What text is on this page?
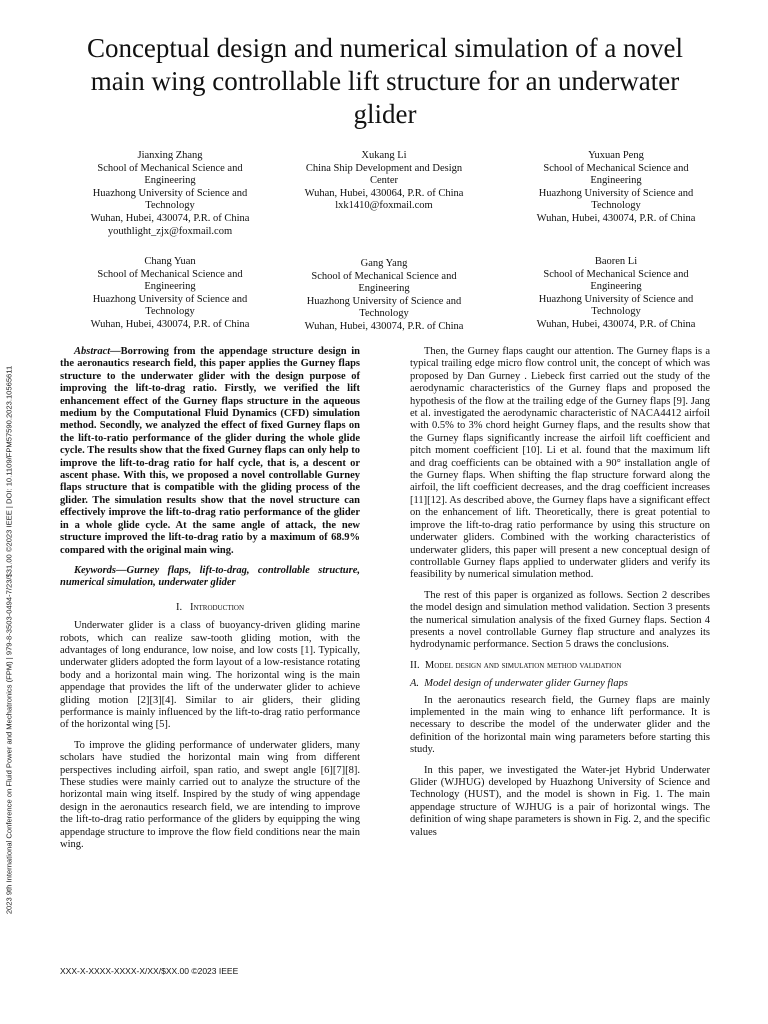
2023 9th International Conference on Fluid Power and Mechatronics (FPM) | 979-8-3503-0494-7/23/$31.00 ©2023 IEEE | DOI: 10.1109/FPM57590.2023.10565611
Conceptual design and numerical simulation of a novel main wing controllable lift structure for an underwater glider
Jianxing Zhang
School of Mechanical Science and
Engineering
Huazhong University of Science and
Technology
Wuhan, Hubei, 430074, P.R. of China
youthlight_zjx@foxmail.com
Xukang Li
China Ship Development and Design
Center
Wuhan, Hubei, 430064, P.R. of China
lxk1410@foxmail.com
Yuxuan Peng
School of Mechanical Science and
Engineering
Huazhong University of Science and
Technology
Wuhan, Hubei, 430074, P.R. of China
Chang Yuan
School of Mechanical Science and
Engineering
Huazhong University of Science and
Technology
Wuhan, Hubei, 430074, P.R. of China
Gang Yang
School of Mechanical Science and
Engineering
Huazhong University of Science and
Technology
Wuhan, Hubei, 430074, P.R. of China
Baoren Li
School of Mechanical Science and
Engineering
Huazhong University of Science and
Technology
Wuhan, Hubei, 430074, P.R. of China

Abstract—Borrowing from the appendage structure design in the aeronautics research field, this paper applies the Gurney flaps structure to the underwater glider with the design purpose of improving the lift-to-drag ratio. Firstly, we verified the lift enhancement effect of the Gurney flaps structure in the aqueous medium by the Computational Fluid Dynamics (CFD) simulation method. Secondly, we analyzed the effect of fixed Gurney flaps on the lift-to-ratio performance of the glider during the whole glide cycle. The results show that the fixed Gurney flaps can only help to improve the lift-to-drag ratio for half cycle, that is, a descent or ascent phase. With this, we proposed a novel controllable Gurney flaps structure that is compatible with the gliding process of the glider. The simulation results show that the novel structure can effectively improve the lift-to-drag ratio performance of the glider in a whole glide cycle. At the same angle of attack, the new structure improved the lift-to-drag ratio by a maximum of 68.9% compared with the original main wing.

Keywords—Gurney flaps, lift-to-drag, controllable structure, numerical simulation, underwater glider

I. Introduction

Underwater glider is a class of buoyancy-driven gliding marine robots, which can realize saw-tooth gliding motion, with the advantages of long endurance, low noise, and low costs [1]. Typically, underwater gliders adopted the form layout of a low-resistance rotating body and a horizontal main wing. The horizontal wing is the main appendage that provides the lift of the underwater glider to achieve gliding motion [2][3][4]. Similar to air gliders, their gliding performance is mainly influenced by the lift-to-drag ratio performance of the horizontal wing [5].

To improve the gliding performance of underwater gliders, many scholars have studied the horizontal main wing from different perspectives including airfoil, span ratio, and swept angle [6][7][8]. These studies were mainly carried out to analyze the structure of the horizontal main wing itself. Inspired by the study of wing appendage design in the aeronautics research field, we are intending to improve the lift-to-drag ratio performance of the gliders by equipping the wing appendage structure to improve the flow field conditions near the main wing.

Then, the Gurney flaps caught our attention. The Gurney flaps is a typical trailing edge micro flow control unit, the concept of which was proposed by Dan Gurney . Liebeck first carried out the study of the aerodynamic characteristics of the Gurney flaps and proposed the hypothesis of the flow at the trailing edge of the Gurney flaps [9]. Jang et al. investigated the aerodynamic characteristic of NACA4412 airfoil with 0.5% to 3% chord height Gurney flaps, and the results show that the Gurney flaps significantly increase the airfoil lift coefficient and pitch moment coefficient [10]. Li et al. found that the maximum lift and drag coefficients can be obtained with a 90° installation angle of the Gurney flaps. When shifting the flap structure forward along the airfoil, the lift coefficient decreases, and the drag coefficient increases [11][12]. As described above, the Gurney flaps have a significant effect on the enhancement of lift. Theoretically, there is great potential to improve the lift-to-drag ratio performance by using this structure on underwater gliders. Combined with the working characteristics of underwater gliders, this paper will present a new conceptual design of controllable Gurney flaps applied to underwater gliders and verify its feasibility by numerical simulation method.

The rest of this paper is organized as follows. Section 2 describes the model design and simulation method validation. Section 3 presents the numerical simulation analysis of the fixed Gurney flaps. Section 4 presents a novel controllable Gurney flap structure and analyzes its hydrodynamic performance. Section 5 draws the conclusions.

II. Model design and simulation method validation
A. Model design of underwater glider Gurney flaps

In the aeronautics research field, the Gurney flaps are mainly implemented in the main wing to enhance lift performance. It is necessary to describe the model of the underwater glider and the definition of the horizontal main wing parameters before starting this study.

In this paper, we investigated the Water-jet Hybrid Underwater Glider (WJHUG) developed by Huazhong University of Science and Technology (HUST), and the model is shown in Fig. 1. The main appendage structure of WJHUG is a pair of horizontal wings. The definition of wing shape parameters is shown in Fig. 2, and the specific values

XXX-X-XXXX-XXXX-X/XX/$XX.00 ©2023 IEEE
